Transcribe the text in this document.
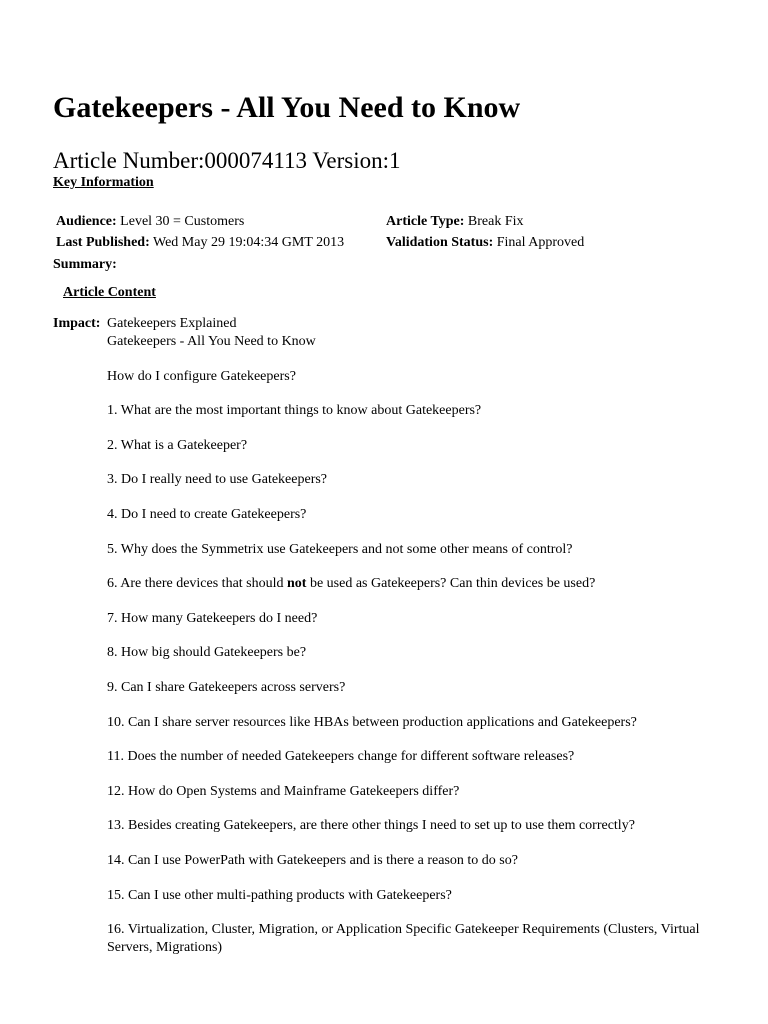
Gatekeepers - All You Need to Know
Article Number:000074113 Version:1
Key Information
Audience: Level 30 = Customers
Last Published: Wed May 29 19:04:34 GMT 2013
Article Type: Break Fix
Validation Status: Final Approved
Summary:
Article Content
Impact: Gatekeepers Explained

Gatekeepers - All You Need to Know

How do I configure Gatekeepers?

1. What are the most important things to know about Gatekeepers?
2. What is a Gatekeeper?
3. Do I really need to use Gatekeepers?
4. Do I need to create Gatekeepers?
5. Why does the Symmetrix use Gatekeepers and not some other means of control?
6. Are there devices that should not be used as Gatekeepers? Can thin devices be used?
7. How many Gatekeepers do I need?
8. How big should Gatekeepers be?
9. Can I share Gatekeepers across servers?
10. Can I share server resources like HBAs between production applications and Gatekeepers?
11. Does the number of needed Gatekeepers change for different software releases?
12. How do Open Systems and Mainframe Gatekeepers differ?
13. Besides creating Gatekeepers, are there other things I need to set up to use them correctly?
14. Can I use PowerPath with Gatekeepers and is there a reason to do so?
15. Can I use other multi-pathing products with Gatekeepers?
16. Virtualization, Cluster, Migration, or Application Specific Gatekeeper Requirements (Clusters, Virtual Servers, Migrations)
